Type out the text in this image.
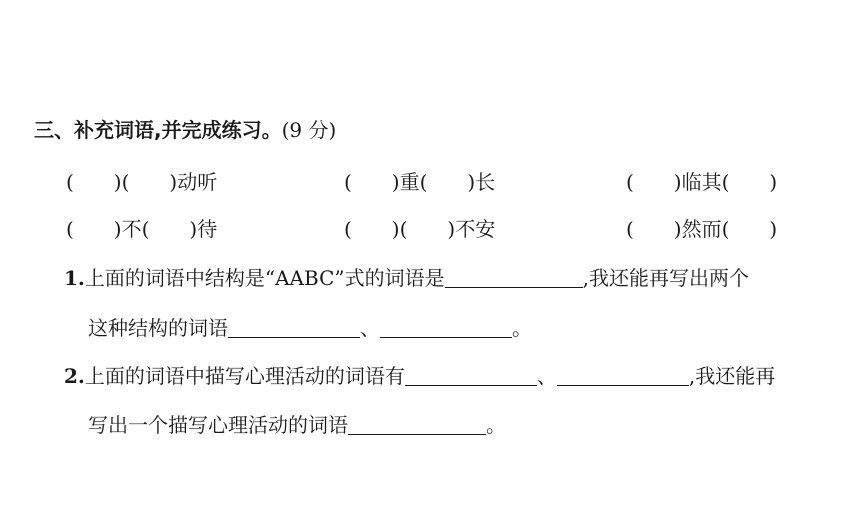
三、补充词语,并完成练习。(9 分)
(　　)(　　)动听	(　　)重(　　)长	(　　)临其(　　)
(　　)不(　　)待	(　　)(　　)不安	(　　)然而(　　)
1.上面的词语中结构是“AABC”式的词语是	,我还能再写出两个
这种结构的词语	、	。
2.上面的词语中描写心理活动的词语有	、	,我还能再
写出一个描写心理活动的词语	。
